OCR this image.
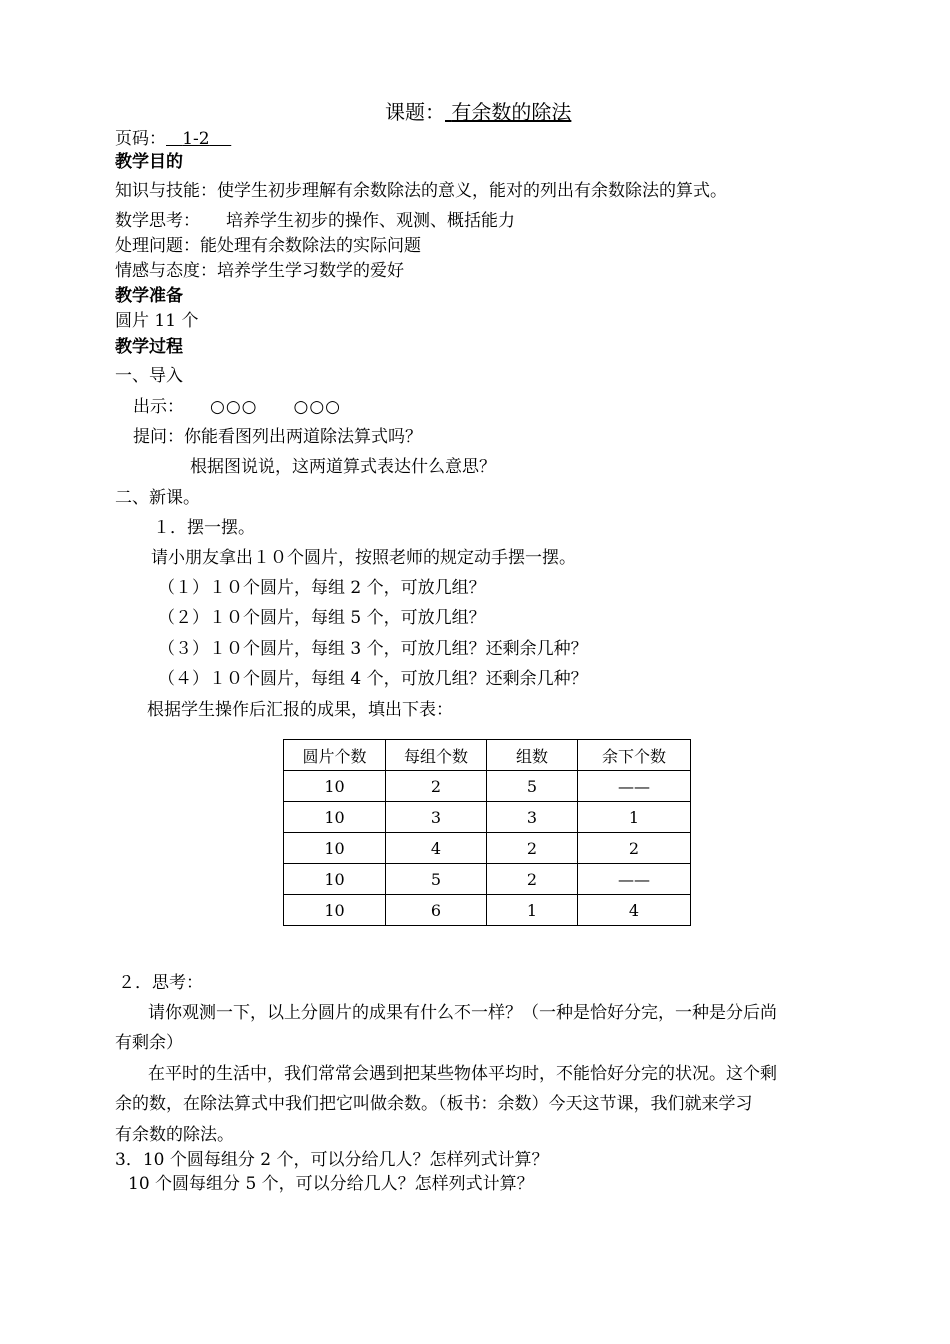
课题： 有余数的除法
页码： 1-2
教学目的
知识与技能：使学生初步理解有余数除法的意义，能对的列出有余数除法的算式。
数学思考： 培养学生初步的操作、观测、概括能力
处理问题：能处理有余数除法的实际问题
情感与态度：培养学生学习数学的爱好
教学准备
圆片 11 个
教学过程
一、导入
出示： ○○○ ○○○
提问：你能看图列出两道除法算式吗？
根据图说说，这两道算式表达什么意思？
二、新课。
１．摆一摆。
请小朋友拿出１０个圆片，按照老师的规定动手摆一摆。
（１）１０个圆片，每组 2 个，可放几组？
（２）１０个圆片，每组 5 个，可放几组？
（３）１０个圆片，每组 3 个，可放几组？还剩余几种？
（４）１０个圆片，每组 4 个，可放几组？还剩余几种？
根据学生操作后汇报的成果，填出下表：
圆片个数	每组个数	组数	余下个数
10	2	5	——
10	3	3	1
10	4	2	2
10	5	2	——
10	6	1	4
２．思考：
请你观测一下，以上分圆片的成果有什么不一样？（一种是恰好分完，一种是分后尚
有剩余）
在平时的生活中，我们常常会遇到把某些物体平均时，不能恰好分完的状况。这个剩
余的数，在除法算式中我们把它叫做余数。（板书：余数）今天这节课，我们就来学习
有余数的除法。
3．10 个圆每组分 2 个，可以分给几人？怎样列式计算？
10 个圆每组分 5 个，可以分给几人？怎样列式计算？
